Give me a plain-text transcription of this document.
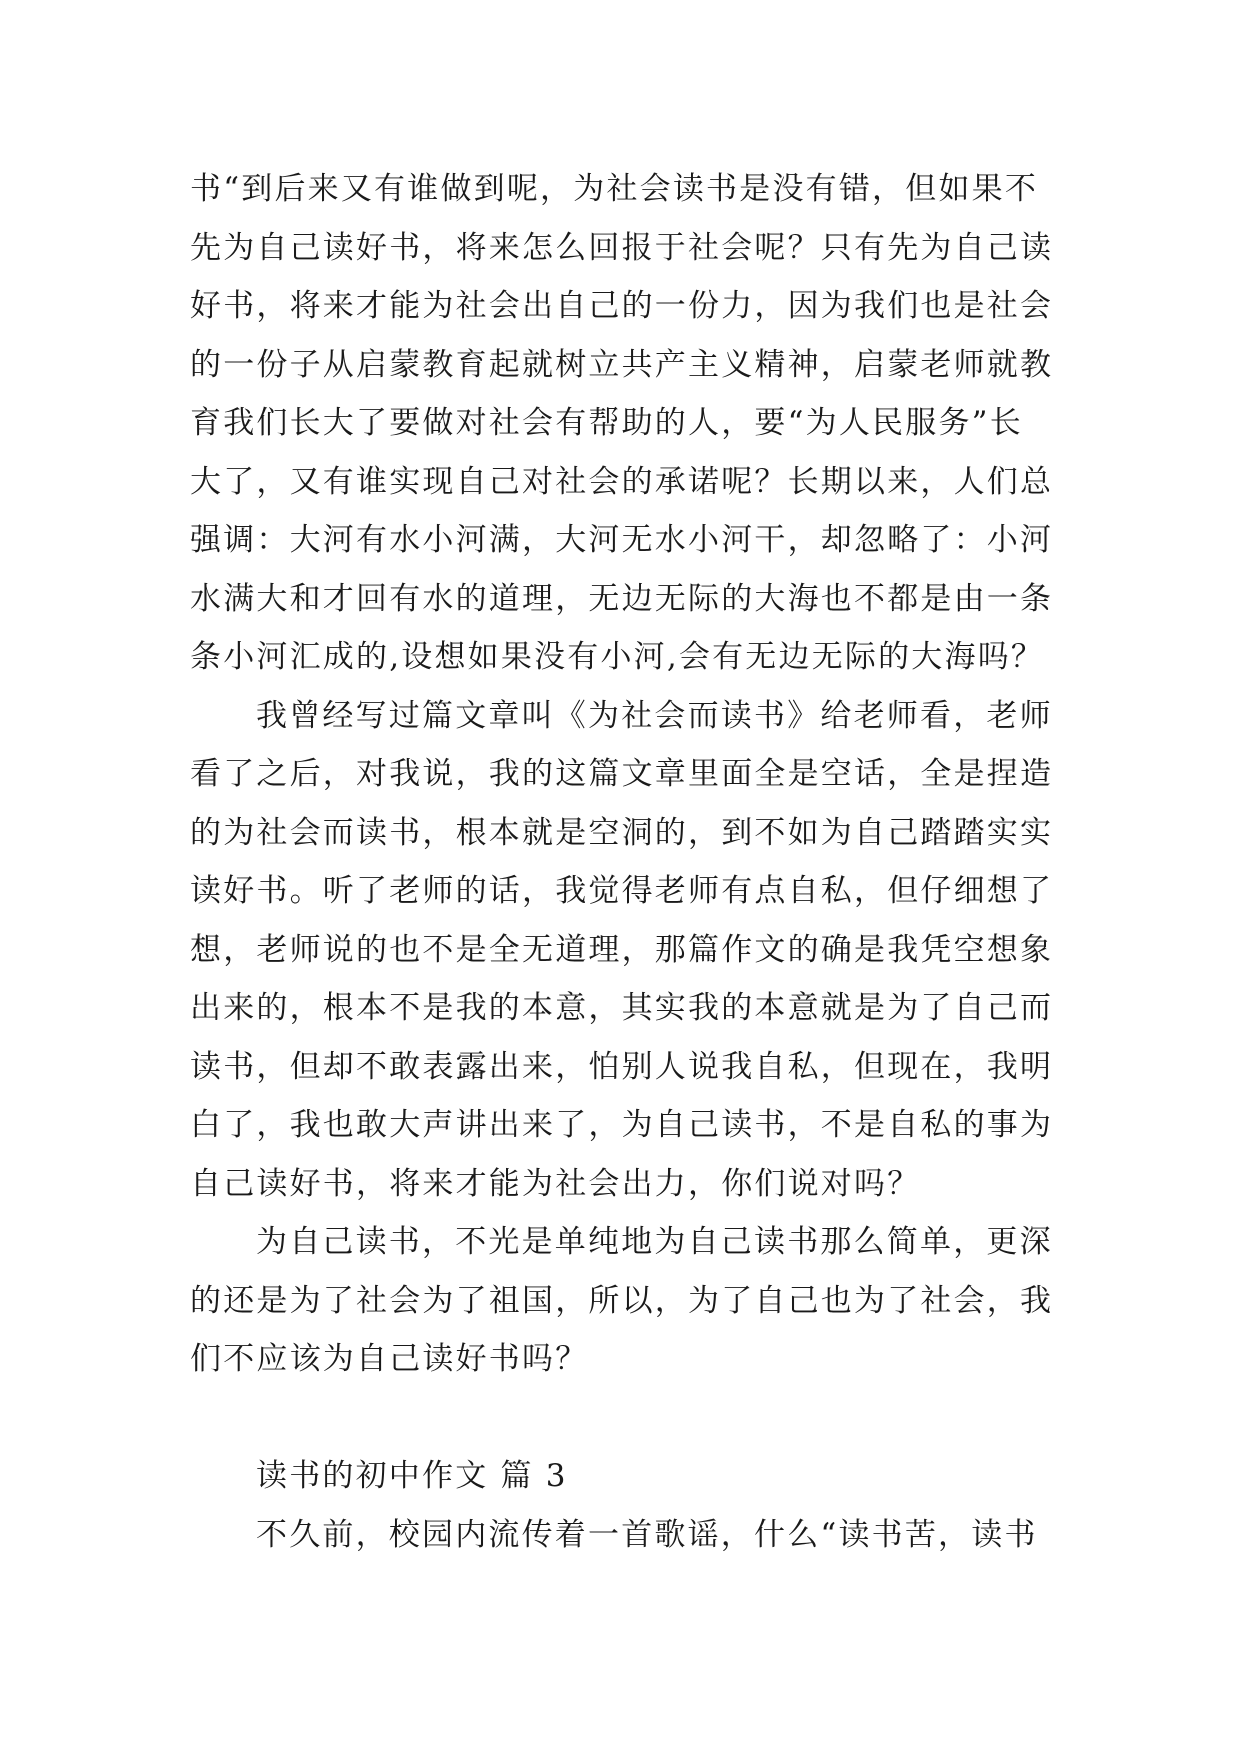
书“到后来又有谁做到呢，为社会读书是没有错，但如果不
先为自己读好书，将来怎么回报于社会呢？只有先为自己读
好书，将来才能为社会出自己的一份力，因为我们也是社会
的一份子从启蒙教育起就树立共产主义精神，启蒙老师就教
育我们长大了要做对社会有帮助的人，要“为人民服务”长
大了，又有谁实现自己对社会的承诺呢？长期以来，人们总
强调：大河有水小河满，大河无水小河干，却忽略了：小河
水满大和才回有水的道理，无边无际的大海也不都是由一条
条小河汇成的,设想如果没有小河,会有无边无际的大海吗？
我曾经写过篇文章叫《为社会而读书》给老师看，老师
看了之后，对我说，我的这篇文章里面全是空话，全是捏造
的为社会而读书，根本就是空洞的，到不如为自己踏踏实实
读好书。听了老师的话，我觉得老师有点自私，但仔细想了
想，老师说的也不是全无道理，那篇作文的确是我凭空想象
出来的，根本不是我的本意，其实我的本意就是为了自己而
读书，但却不敢表露出来，怕别人说我自私，但现在，我明
白了，我也敢大声讲出来了，为自己读书，不是自私的事为
自己读好书，将来才能为社会出力，你们说对吗？
为自己读书，不光是单纯地为自己读书那么简单，更深
的还是为了社会为了祖国，所以，为了自己也为了社会，我
们不应该为自己读好书吗？
读书的初中作文 篇 3
不久前，校园内流传着一首歌谣，什么“读书苦，读书
